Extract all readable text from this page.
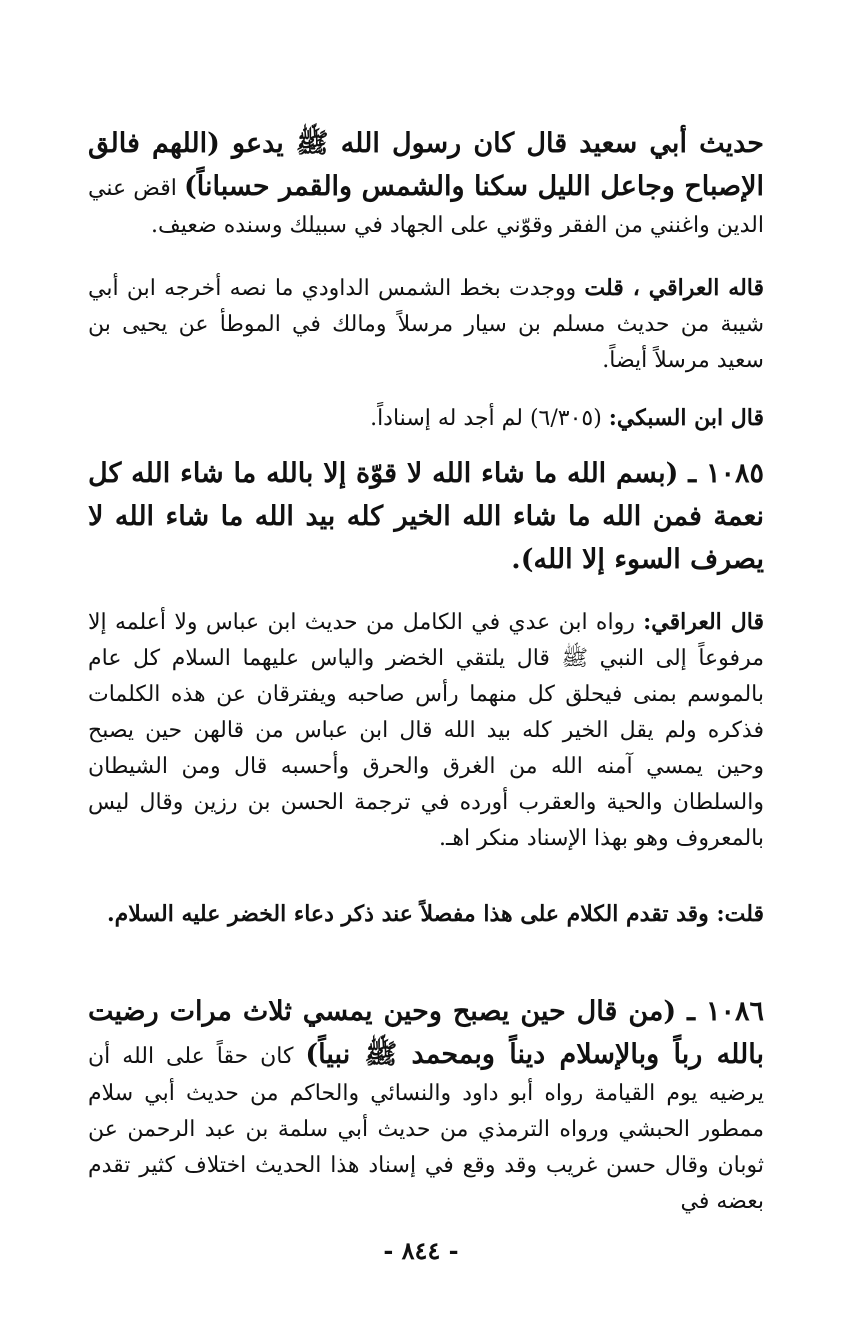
حديث أبي سعيد قال كان رسول الله ﷺ يدعو (اللهم فالق الإصباح وجاعل الليل سكنا والشمس والقمر حسباناً) اقض عني الدين واغنني من الفقر وقوّني على الجهاد في سبيلك وسنده ضعيف.

قاله العراقي ، قلت ووجدت بخط الشمس الداودي ما نصه أخرجه ابن أبي شيبة من حديث مسلم بن سيار مرسلاً ومالك في الموطأ عن يحيى بن سعيد مرسلاً أيضاً.

قال ابن السبكي: (٦/٣٠٥) لم أجد له إسناداً.

١٠٨٥ ـ (بسم الله ما شاء الله لا قوّة إلا بالله ما شاء الله كل نعمة فمن الله ما شاء الله الخير كله بيد الله ما شاء الله لا يصرف السوء إلا الله).

قال العراقي: رواه ابن عدي في الكامل من حديث ابن عباس ولا أعلمه إلا مرفوعاً إلى النبي ﷺ قال يلتقي الخضر والياس عليهما السلام كل عام بالموسم بمنى فيحلق كل منهما رأس صاحبه ويفترقان عن هذه الكلمات فذكره ولم يقل الخير كله بيد الله قال ابن عباس من قالهن حين يصبح وحين يمسي آمنه الله من الغرق والحرق وأحسبه قال ومن الشيطان والسلطان والحية والعقرب أورده في ترجمة الحسن بن رزين وقال ليس بالمعروف وهو بهذا الإسناد منكر اهـ.

قلت: وقد تقدم الكلام على هذا مفصلاً عند ذكر دعاء الخضر عليه السلام.

١٠٨٦ ـ (من قال حين يصبح وحين يمسي ثلاث مرات رضيت بالله رباً وبالإسلام ديناً وبمحمد ﷺ نبياً) كان حقاً على الله أن يرضيه يوم القيامة رواه أبو داود والنسائي والحاكم من حديث أبي سلام ممطور الحبشي ورواه الترمذي من حديث أبي سلمة بن عبد الرحمن عن ثوبان وقال حسن غريب وقد وقع في إسناد هذا الحديث اختلاف كثير تقدم بعضه في

- ٨٤٤ -
